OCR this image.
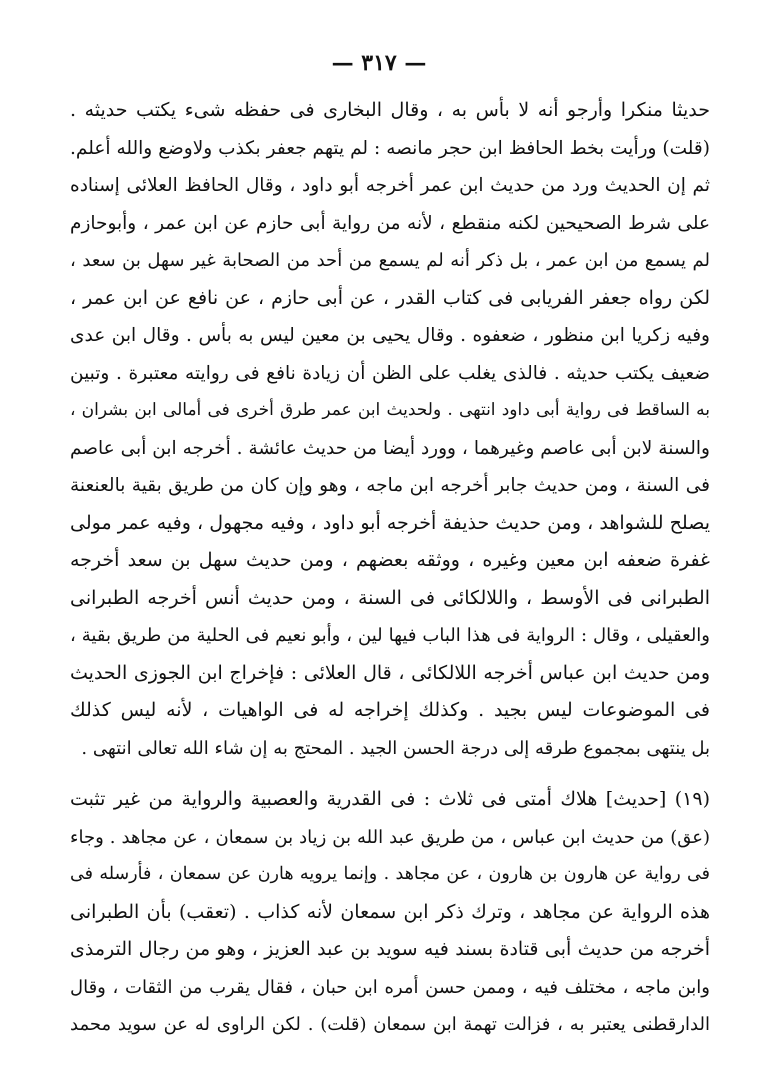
— ٣١٧ —
حديثا منكرا وأرجو أنه لا بأس به ، وقال البخارى فى حفظه شىء يكتب حديثه .
(قلت) ورأيت بخط الحافظ ابن حجر مانصه : لم يتهم جعفر بكذب ولاوضع والله أعلم.
ثم إن الحديث ورد من حديث ابن عمر أخرجه أبو داود ، وقال الحافظ العلائى إسناده
على شرط الصحيحين لكنه منقطع ، لأنه من رواية أبى حازم عن ابن عمر ، وأبوحازم
لم يسمع من ابن عمر ، بل ذكر أنه لم يسمع من أحد من الصحابة غير سهل بن سعد ،
لكن رواه جعفر الفريابى فى كتاب القدر ، عن أبى حازم ، عن نافع عن ابن عمر ،
وفيه زكريا ابن منظور ، ضعفوه . وقال يحيى بن معين ليس به بأس . وقال ابن عدى
ضعيف يكتب حديثه . فالذى يغلب على الظن أن زيادة نافع فى روايته معتبرة . وتبين
به الساقط فى رواية أبى داود انتهى . ولحديث ابن عمر طرق أخرى فى أمالى ابن بشران ،
والسنة لابن أبى عاصم وغيرهما ، وورد أيضا من حديث عائشة . أخرجه ابن أبى عاصم
فى السنة ، ومن حديث جابر أخرجه ابن ماجه ، وهو وإن كان من طريق بقية بالعنعنة
يصلح للشواهد ، ومن حديث حذيفة أخرجه أبو داود ، وفيه مجهول ، وفيه عمر مولى
غفرة ضعفه ابن معين وغيره ، ووثقه بعضهم ، ومن حديث سهل بن سعد أخرجه
الطبرانى فى الأوسط ، واللالكائى فى السنة ، ومن حديث أنس أخرجه الطبرانى
والعقيلى ، وقال : الرواية فى هذا الباب فيها لين ، وأبو نعيم فى الحلية من طريق بقية ،
ومن حديث ابن عباس أخرجه اللالكائى ، قال العلائى : فإخراج ابن الجوزى الحديث
فى الموضوعات ليس بجيد . وكذلك إخراجه له فى الواهيات ، لأنه ليس كذلك
بل ينتهى بمجموع طرقه إلى درجة الحسن الجيد . المحتج به إن شاء الله تعالى انتهى .
(١٩) [حديث] هلاك أمتى فى ثلاث : فى القدرية والعصبية والرواية من غير تثبت
(عق) من حديث ابن عباس ، من طريق عبد الله بن زياد بن سمعان ، عن مجاهد . وجاء
فى رواية عن هارون بن هارون ، عن مجاهد . وإنما يرويه هارن عن سمعان ، فأرسله فى
هذه الرواية عن مجاهد ، وترك ذكر ابن سمعان لأنه كذاب . (تعقب) بأن الطبرانى
أخرجه من حديث أبى قتادة بسند فيه سويد بن عبد العزيز ، وهو من رجال الترمذى
وابن ماجه ، مختلف فيه ، وممن حسن أمره ابن حبان ، فقال يقرب من الثقات ، وقال
الدارقطنى يعتبر به ، فزالت تهمة ابن سمعان (قلت) . لكن الراوى له عن سويد محمد
